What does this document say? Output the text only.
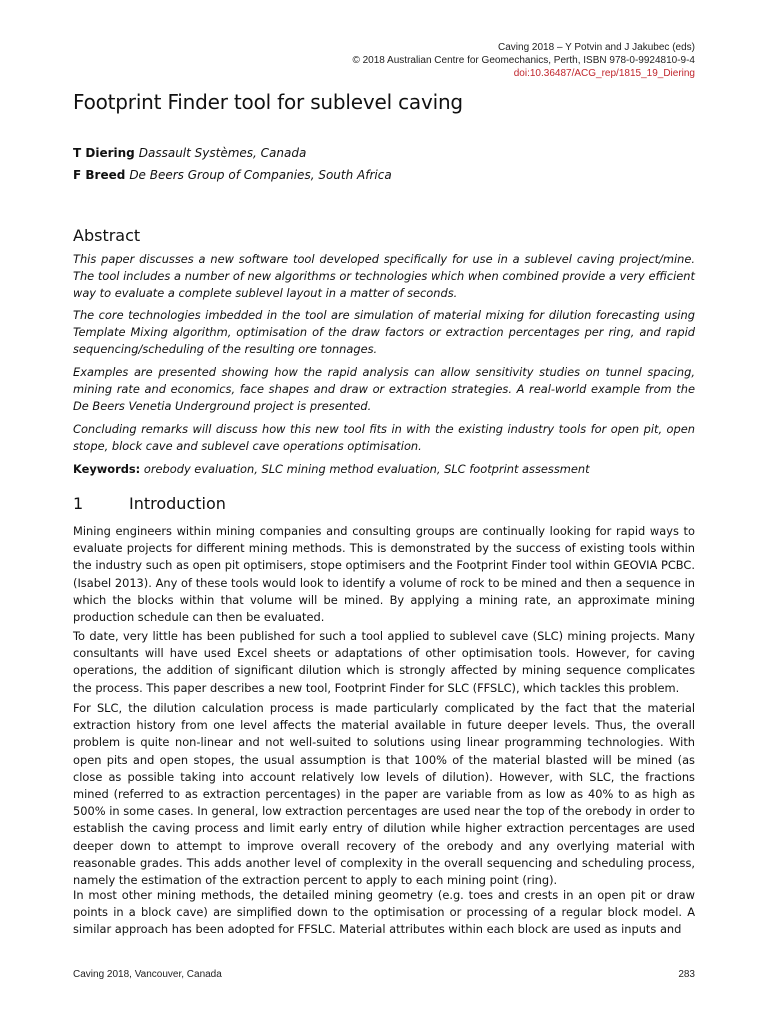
Caving 2018 – Y Potvin and J Jakubec (eds)
© 2018 Australian Centre for Geomechanics, Perth, ISBN 978-0-9924810-9-4
doi:10.36487/ACG_rep/1815_19_Diering
Footprint Finder tool for sublevel caving
T Diering Dassault Systèmes, Canada
F Breed De Beers Group of Companies, South Africa
Abstract

This paper discusses a new software tool developed specifically for use in a sublevel caving project/mine. The tool includes a number of new algorithms or technologies which when combined provide a very efficient way to evaluate a complete sublevel layout in a matter of seconds.

The core technologies imbedded in the tool are simulation of material mixing for dilution forecasting using Template Mixing algorithm, optimisation of the draw factors or extraction percentages per ring, and rapid sequencing/scheduling of the resulting ore tonnages.

Examples are presented showing how the rapid analysis can allow sensitivity studies on tunnel spacing, mining rate and economics, face shapes and draw or extraction strategies. A real-world example from the De Beers Venetia Underground project is presented.

Concluding remarks will discuss how this new tool fits in with the existing industry tools for open pit, open stope, block cave and sublevel cave operations optimisation.

Keywords: orebody evaluation, SLC mining method evaluation, SLC footprint assessment

1	Introduction

Mining engineers within mining companies and consulting groups are continually looking for rapid ways to evaluate projects for different mining methods. This is demonstrated by the success of existing tools within the industry such as open pit optimisers, stope optimisers and the Footprint Finder tool within GEOVIA PCBC. (Isabel 2013). Any of these tools would look to identify a volume of rock to be mined and then a sequence in which the blocks within that volume will be mined. By applying a mining rate, an approximate mining production schedule can then be evaluated.

To date, very little has been published for such a tool applied to sublevel cave (SLC) mining projects. Many consultants will have used Excel sheets or adaptations of other optimisation tools. However, for caving operations, the addition of significant dilution which is strongly affected by mining sequence complicates the process. This paper describes a new tool, Footprint Finder for SLC (FFSLC), which tackles this problem.

For SLC, the dilution calculation process is made particularly complicated by the fact that the material extraction history from one level affects the material available in future deeper levels. Thus, the overall problem is quite non-linear and not well-suited to solutions using linear programming technologies. With open pits and open stopes, the usual assumption is that 100% of the material blasted will be mined (as close as possible taking into account relatively low levels of dilution). However, with SLC, the fractions mined (referred to as extraction percentages) in the paper are variable from as low as 40% to as high as 500% in some cases. In general, low extraction percentages are used near the top of the orebody in order to establish the caving process and limit early entry of dilution while higher extraction percentages are used deeper down to attempt to improve overall recovery of the orebody and any overlying material with reasonable grades. This adds another level of complexity in the overall sequencing and scheduling process, namely the estimation of the extraction percent to apply to each mining point (ring).

In most other mining methods, the detailed mining geometry (e.g. toes and crests in an open pit or draw points in a block cave) are simplified down to the optimisation or processing of a regular block model. A similar approach has been adopted for FFSLC. Material attributes within each block are used as inputs and

Caving 2018, Vancouver, Canada	283
